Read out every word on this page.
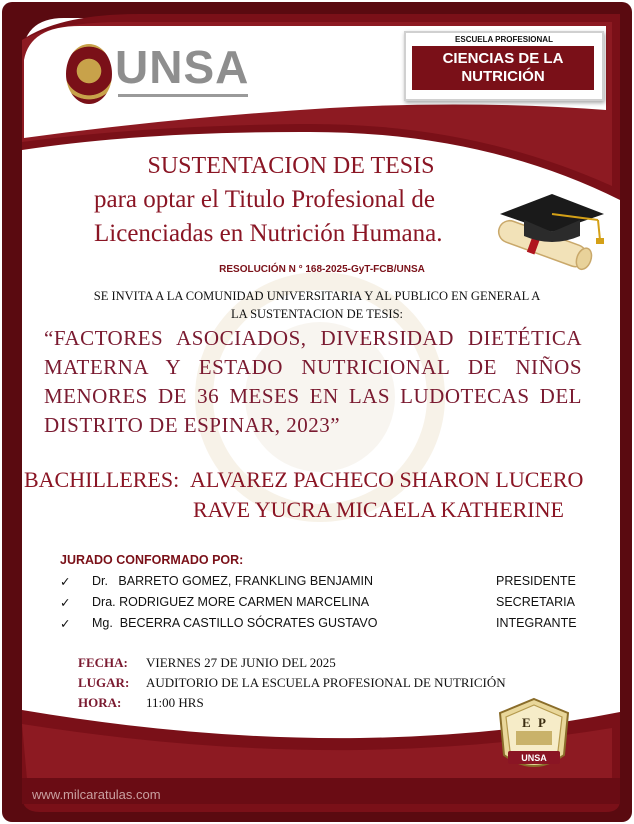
UNSA
ESCUELA PROFESIONAL
CIENCIAS DE LA
NUTRICIÓN
SUSTENTACION DE TESIS
para optar el Titulo Profesional de
Licenciadas en Nutrición Humana.
RESOLUCIÓN N ° 168-2025-GyT-FCB/UNSA
SE INVITA A LA COMUNIDAD UNIVERSITARIA Y AL PUBLICO EN GENERAL A
LA SUSTENTACION DE TESIS:
“FACTORES ASOCIADOS, DIVERSIDAD DIETÉTICA MATERNA Y ESTADO NUTRICIONAL DE NIÑOS MENORES DE 36 MESES EN LAS LUDOTECAS DEL DISTRITO DE ESPINAR, 2023”
BACHILLERES: ALVAREZ PACHECO SHARON LUCERO
RAVE YUCRA MICAELA KATHERINE
JURADO CONFORMADO POR:
✓ Dr.   BARRETO GOMEZ, FRANKLING BENJAMIN	PRESIDENTE
✓ Dra. RODRIGUEZ MORE CARMEN MARCELINA	SECRETARIA
✓ Mg.  BECERRA CASTILLO SÓCRATES GUSTAVO	INTEGRANTE
FECHA: VIERNES 27 DE JUNIO DEL 2025
LUGAR: AUDITORIO DE LA ESCUELA PROFESIONAL DE NUTRICIÓN
HORA: 11:00 HRS
E P
UNSA
www.milcaratulas.com
